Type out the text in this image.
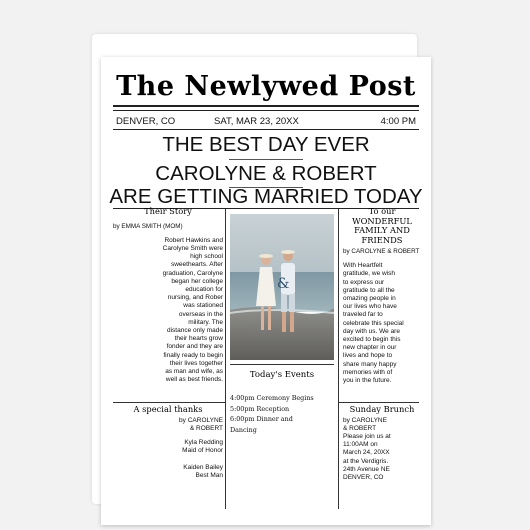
The Newlywed Post
DENVER, CO	SAT, MAR 23, 20XX	4:00 PM
THE BEST DAY EVER
CAROLYNE & ROBERT
ARE GETTING MARRIED TODAY
Their Story
by EMMA SMITH (MOM)
Robert Hawkins and
Carolyne Smith were
high school
sweethearts. After
graduation, Carolyne
began her college
education for
nursing, and Rober
was stationed
overseas in the
military. The
distance only made
their hearts grow
fonder and they are
finally ready to begin
their lives together
as man and wife, as
well as best friends.
&
Today's Events
4:00pm Ceremony Begins
5:00pm Reception
6:00pm Dinner and
Dancing
To our
WONDERFUL
FAMILY AND
FRIENDS
by CAROLYNE & ROBERT
With Heartfelt
gratitude, we wish
to express our
gratitude to all the
omazing people in
our lives who have
traveled far to
celebrate this special
day with us. We are
excited to begin this
new chapter in our
lives and hope to
share many happy
memories with of
you in the future.
A special thanks
by CAROLYNE
& ROBERT
Kyla Redding
Maid of Honor

Kaiden Bailey
Best Man
Sunday Brunch
by CAROLYNE
& ROBERT
Please join us at
11:00AM on
March 24, 20XX
at the Verdigris.
24th Avenue NE
DENVER, CO
